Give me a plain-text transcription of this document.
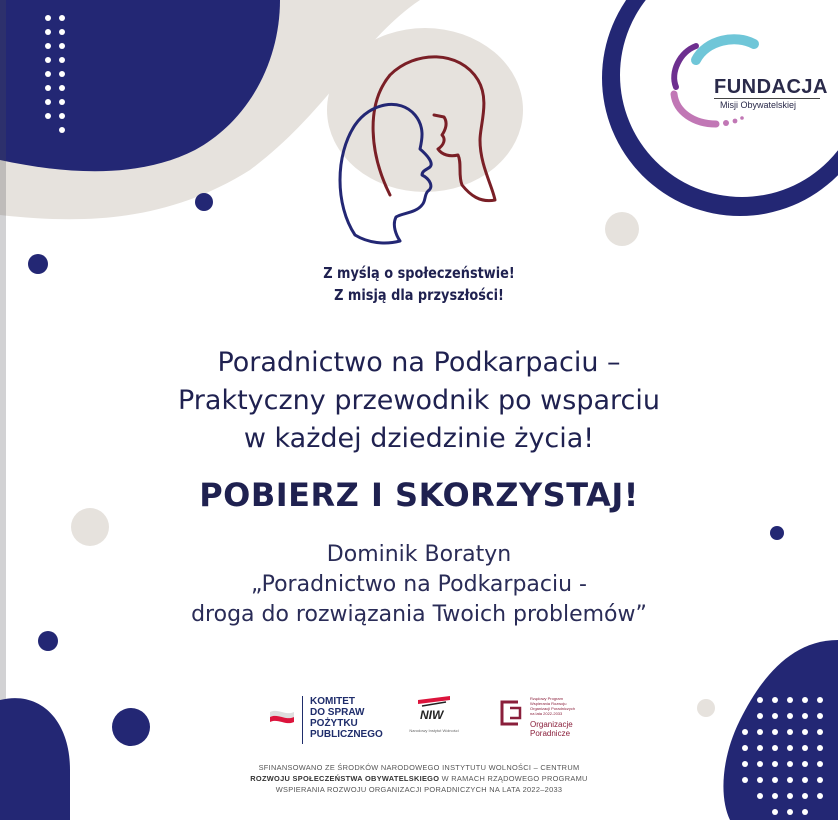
FUNDACJA
Misji Obywatelskiej
Z myślą o społeczeństwie!
Z misją dla przyszłości!
Poradnictwo na Podkarpaciu –
Praktyczny przewodnik po wsparciu
w każdej dziedzinie życia!
POBIERZ I SKORZYSTAJ!
Dominik Boratyn
„Poradnictwo na Podkarpaciu -
droga do rozwiązania Twoich problemów”
KOMITET
DO SPRAW
POŻYTKU
PUBLICZNEGO
NIW
Narodowy Instytut Wolności
Rządowy Program
Wspierania Rozwoju
Organizacji Poradniczych
na lata 2022-2033
Organizacje
Poradnicze
SFINANSOWANO ZE ŚRODKÓW NARODOWEGO INSTYTUTU WOLNOŚCI – CENTRUM
ROZWOJU SPOŁECZEŃSTWA OBYWATELSKIEGO W RAMACH RZĄDOWEGO PROGRAMU
WSPIERANIA ROZWOJU ORGANIZACJI PORADNICZYCH NA LATA 2022–2033
